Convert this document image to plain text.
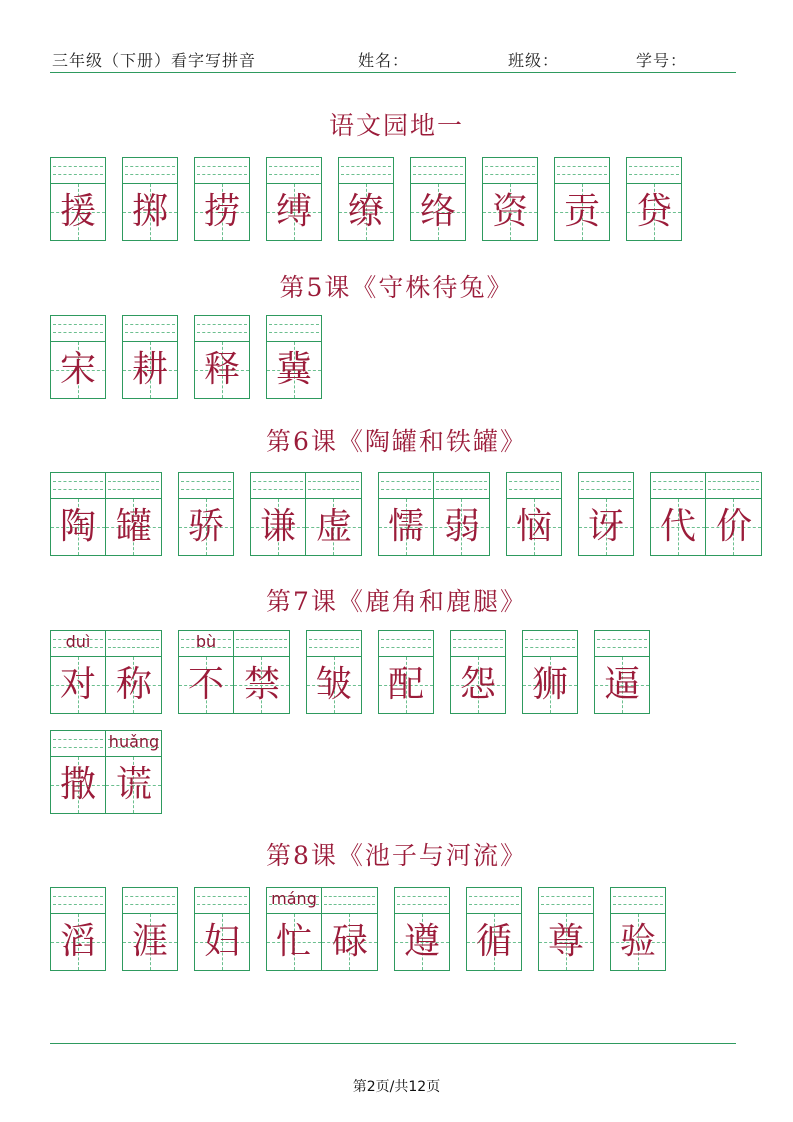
三年级（下册）看字写拼音	姓名：	班级：	学号：
语文园地一
援 掷 捞 缚 缭 络 资 贡 贷
第5课《守株待兔》
宋 耕 释 冀
第6课《陶罐和铁罐》
陶 罐 骄 谦 虚 懦 弱 恼 讶 代 价
第7课《鹿角和鹿腿》
对
duì
称 不
bù
禁 皱 配 怨 狮 逼
撒 谎
huǎng
第8课《池子与河流》
滔 涯 妇 忙
máng
碌 遵 循 尊 验
第2页/共12页
